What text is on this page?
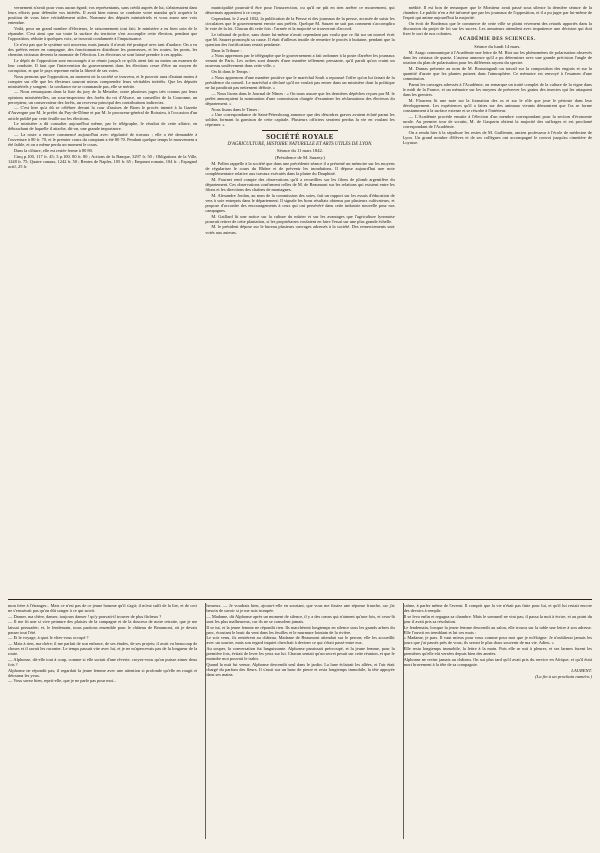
vernement n'avait pour vous aucun égard; vos représentants, sans crédit auprès de lui, s'abstenaient dans leurs efforts pour défendre vos intérêts. Il avait bien mieux se conduire votre mandat qu'à acquérir la position de vous faire véritablement utiles. Nommez des députés ministériels et vous aurez une voix entendue.

Voilà, pour un grand nombre d'électeurs, le raisonnement tout fait; le ministère a eu bien soin de le répandre. C'est ainsi que sur toute la surface du territoire s'est accomplie cette élection, pendant que l'opposition, réduite à quelques voix, se trouvait condamnée à l'impuissance.

Ce n'est pas que le système soit nouveau; mais jamais il n'avait été pratiqué avec tant d'audace. On a vu des préfets entrer en campagne, des fonctionnaires distribuer les promesses, et les routes, les ponts, les chemins vicinaux devenir la monnaie de l'élection. Les électeurs se sont laissé prendre à ces appâts.

Le dépôt de l'opposition sont encouragés à se réunir jusqu'à ce qu'ils aient fait au moins un examen de leur conduite. Il faut que l'intervention du gouvernement dans les élections cesse d'être un moyen de corruption, et que le pays reprenne enfin la liberté de ses votes.

Nous pensons que l'opposition, au moment où la société se trouvera, et le pouvoir aura d'autant moins à compter sur elle que les électeurs sauront mieux comprendre leurs véritables intérêts. Que les députés ministériels y songent : la confiance ne se commande pas, elle se mérite.

— Nous remarquons dans la liste du jury de la Meurthe, outre plusieurs juges très connus par leurs opinions ministérielles, un sous-inspecteur des forêts du roi d'Alsace, un conseiller de la Couronne, un percepteur, un conservateur des forêts, un receveur principal des contributions indirectes.

— C'est hier qu'a dû se célébrer devant la cour d'assises de Riom le procès intenté à la Gazette d'Auvergne par M. le préfet du Puy-de-Dôme et par M. le procureur-général de Boissieu, à l'occasion d'un article publié par cette feuille sur les élections.

Le ministère a dû consulter aujourd'hui même, par le télégraphe, le résultat de cette affaire, en débouchant de laquelle il attache, dit-on, une grande importance.

— La route a encore commencé aujourd'hui avec régularité de travaux ; elle a été demandée à l'ouverture à 80 fr. 70, et le premier cours du comptant a été 80 70. Pendant quelque temps le mouvement a été faible, et on a même perdu un moment le cours.

Dans la clôture, elle est restée ferme à 80 80.

Cinq p.100, 117 fr. 45; 3 p.100, 80 fr. 80 ; Actions de la Banque, 3297 fr. 50 ; Obligations de la Ville, 1248 fr. 75; Quatre canaux, 1242 fr. 50 ; Rentes de Naples, 105 fr. 65 ; Emprunt romain, 104 fr. ; Espagnol actif, 25 fr.

municipalité pourrait-il être pour l'insurrection, ou qu'il ne pût en rien arrêter ce mouvement, qui désormais appartient à ce corps.

Cependant, le 2 avril 1832, la publication de la Presse et des journaux de la presse, accusée de saisir les circulaires que le gouvernement envoie aux préfets. Quelque M. Sauzet ne sait pas comment s'accomplira le vote de la loi. Chacun dit cette fois : l'armée et la majorité se trouveront d'accord.

Le tribunal de police, sans doute lui-même n'avait cependant pas voulu que ce fût sur un nouvel écrit que M. Sauzet prononçât sa cause. Il était d'ailleurs inutile de remettre le procès à huitaine, pendant que la question des fortifications restait pendante.

Dans la Tribune :

« Nous apprenons par le télégraphe que le gouvernement a fait ordonner à la poste d'arrêter les journaux venant de Paris. Les ordres sont donnés d'une manière tellement pressante, qu'il paraît qu'on craint un nouveau soulèvement dans cette ville. »

On lit dans le Temps :

« Nous apprenons d'une manière positive que le maréchal Soult a repoussé l'offre qu'on lui faisait de la présidence du conseil. Le maréchal a déclaré qu'il ne voulait pas entrer dans un ministère dont la politique ne lui paraîtrait pas nettement définie. »

— Nous lisons dans le Journal de Nîmes : « On nous assure que les dernières dépêches reçues par M. le préfet annonçaient la nomination d'une commission chargée d'examiner les réclamations des électeurs du département. »

Nous lisons dans le Times :

« Une correspondance de Saint-Pétersbourg annonce que des désordres graves avaient éclaté parmi les soldats formant la garnison de cette capitale. Plusieurs officiers seraient perdus la vie en voulant les réprimer. »

SOCIÉTÉ ROYALE
D'AGRICULTURE, HISTOIRE NATURELLE ET ARTS UTILES DE LYON.
Séance du 11 mars 1842.
(Présidence de M. Sauzey.)

M. Pollen rappelle à la société que dans une précédente séance il a présenté un mémoire sur les moyens de régulariser le cours du Rhône et de prévenir les inondations. Il dépose aujourd'hui une note complémentaire relative aux travaux exécutés dans la plaine du Dauphiné.

M. Fournet rend compte des observations qu'il a recueillies sur les filons de plomb argentifère du département. Ces observations confirment celles de M. de Beaumont sur les relations qui existent entre les filons et les directions des chaînes de montagnes.

M. Alexandre Jordan, au nom de la commission des soies, fait un rapport sur les essais d'éducation de vers à soie entrepris dans le département. Il signale les bons résultats obtenus par plusieurs cultivateurs, et propose d'accorder des encouragements à ceux qui ont persévéré dans cette industrie nouvelle pour nos campagnes.

M. Gaillard lit une notice sur la culture du mûrier et sur les avantages que l'agriculture lyonnaise pourrait retirer de cette plantation, si les propriétaires voulaient en faire l'essai sur une plus grande échelle.

M. le président dépose sur le bureau plusieurs ouvrages adressés à la société. Des remerciements sont votés aux auteurs.

médité. Il est bon de remarquer que le Moniteur avait passé sous silence la dernière séance de la chambre. Le public n'en a été informé que par les journaux de l'opposition, et il a pu juger par lui-même de l'esprit qui anime aujourd'hui la majorité.

On écrit de Bordeaux que le commerce de cette ville se plaint vivement des retards apportés dans la discussion du projet de loi sur les sucres. Les armateurs attendent avec impatience une décision qui doit fixer le sort de nos colonies.

ACADÉMIE DES SCIENCES.
Séance du lundi 14 mars.

M. Arago communique à l'Académie une lettre de M. Biot sur les phénomènes de polarisation observés dans les cristaux de quartz. L'auteur annonce qu'il a pu déterminer avec une grande précision l'angle de rotation du plan de polarisation pour les différents rayons du spectre.

M. Dumas présente au nom de M. Boussingault un travail sur la composition des engrais et sur la quantité d'azote que les plantes puisent dans l'atmosphère. Ce mémoire est renvoyé à l'examen d'une commission.

Parmi les ouvrages adressés à l'Académie, on remarque un traité complet de la culture de la vigne dans le midi de la France, et un mémoire sur les moyens de préserver les grains des insectes qui les attaquent dans les greniers.

M. Flourens lit une note sur la formation des os et sur le rôle que joue le périoste dans leur développement. Les expériences qu'il a faites sur des animaux vivants démontrent que l'os se forme constamment à la surface externe et se résorbe à l'intérieur.

— L'Académie procède ensuite à l'élection d'un membre correspondant pour la section d'économie rurale. Au premier tour de scrutin, M. de Gasparin obtient la majorité des suffrages et est proclamé correspondant de l'Académie.

On a rendu hier à la sépulture les restes de M. Guillemin, ancien professeur à l'école de médecine de Lyon. Un grand nombre d'élèves et de ses collègues ont accompagné le convoi jusqu'au cimetière de Loyasse.

mon frère à l'étranger... Mais ce n'est pas de ce jeune homme qu'il s'agit; il m'eut suffi de la lire, et de ceci ne s'ensuivait pas qu'on dût songer à ce qui suivit.

— Danser, ma chère, danser, toujours danser ! qu'y pouvait-il trouver de plus fâcheux ?

— Il me fit une si vive peinture des plaisirs de la campagne et de la douceur de notre retraite, que je me laissai persuader; et, le lendemain, nous partions ensemble pour le château de Beaumont, où je devais passer tout l'été.

— Et le voyage, à quoi le vîtes-vous occupé ?

— Mais à rien, ma chère; il me parlait de son enfance, de ses études, de ses projets; il avait vu beaucoup de choses et il savait les raconter. Le temps passait vite avec lui, et je ne m'apercevais pas de la longueur de la route.

— Alphonse, dit-elle tout à coup, comme si elle sortait d'une rêverie, croyez-vous qu'on puisse aimer deux fois ?

Alphonse ne répondit pas; il regardait la jeune femme avec une attention si profonde qu'elle en rougit et détourna les yeux.

— Vous savez bien, reprit-elle, que je ne parle pas pour moi...

heureux. — Je voudrais bien, ajouta-t-elle en souriant, que vous me fissiez une réponse franche, car j'ai besoin de savoir si je me suis trompée.

— Madame, dit Alphonse après un moment de silence, il y a des cœurs qui n'aiment qu'une fois, et ceux-là sont les plus malheureux, car ils ne se consolent jamais.

Il se tut, et la jeune femme ne répondit rien. Ils marchèrent longtemps en silence sous les grands arbres du parc, écoutant le bruit du vent dans les feuilles et le murmure lointain de la rivière.

Le soir venu, ils rentrèrent au château. Madame de Beaumont attendait sur le perron; elle les accueillit avec un sourire, mais son regard inquiet cherchait à deviner ce qui s'était passé entre eux.

Au souper, la conversation fut languissante. Alphonse paraissait préoccupé, et la jeune femme, pour la première fois, évitait de lever les yeux sur lui. Chacun sentait qu'un secret pesait sur cette réunion, et que le moindre mot pouvait le trahir.

Quand la nuit fut venue, Alphonse descendit seul dans le jardin. La lune éclairait les allées, et l'air était chargé du parfum des fleurs. Il s'assit sur un banc de pierre et resta longtemps immobile, la tête appuyée dans ses mains.

calme, à parler même de l'avenir. Il comprit que la vie n'était pas finie pour lui, et qu'il lui restait encore des devoirs à remplir.

Il se leva enfin et regagna sa chambre. Mais le sommeil ne vint pas; il passa la nuit à écrire, et au point du jour il avait pris sa résolution.

Le lendemain, lorsque la jeune femme descendit au salon, elle trouva sur la table une lettre à son adresse. Elle l'ouvrit en tremblant et lut ces mots :

« Madame, je pars. Il vaut mieux pour vous comme pour moi que je m'éloigne. Je n'oublierai jamais les jours que j'ai passés près de vous; ils seront le plus doux souvenir de ma vie. Adieu. »

Elle resta longtemps immobile, la lettre à la main. Puis elle se mit à pleurer, et ses larmes furent les premières qu'elle eût versées depuis bien des années.

Alphonse ne revint jamais au château. On sut plus tard qu'il avait pris du service en Afrique, et qu'il était mort bravement à la tête de sa compagnie.

LAURENT.
(La fin à un prochain numéro.)
